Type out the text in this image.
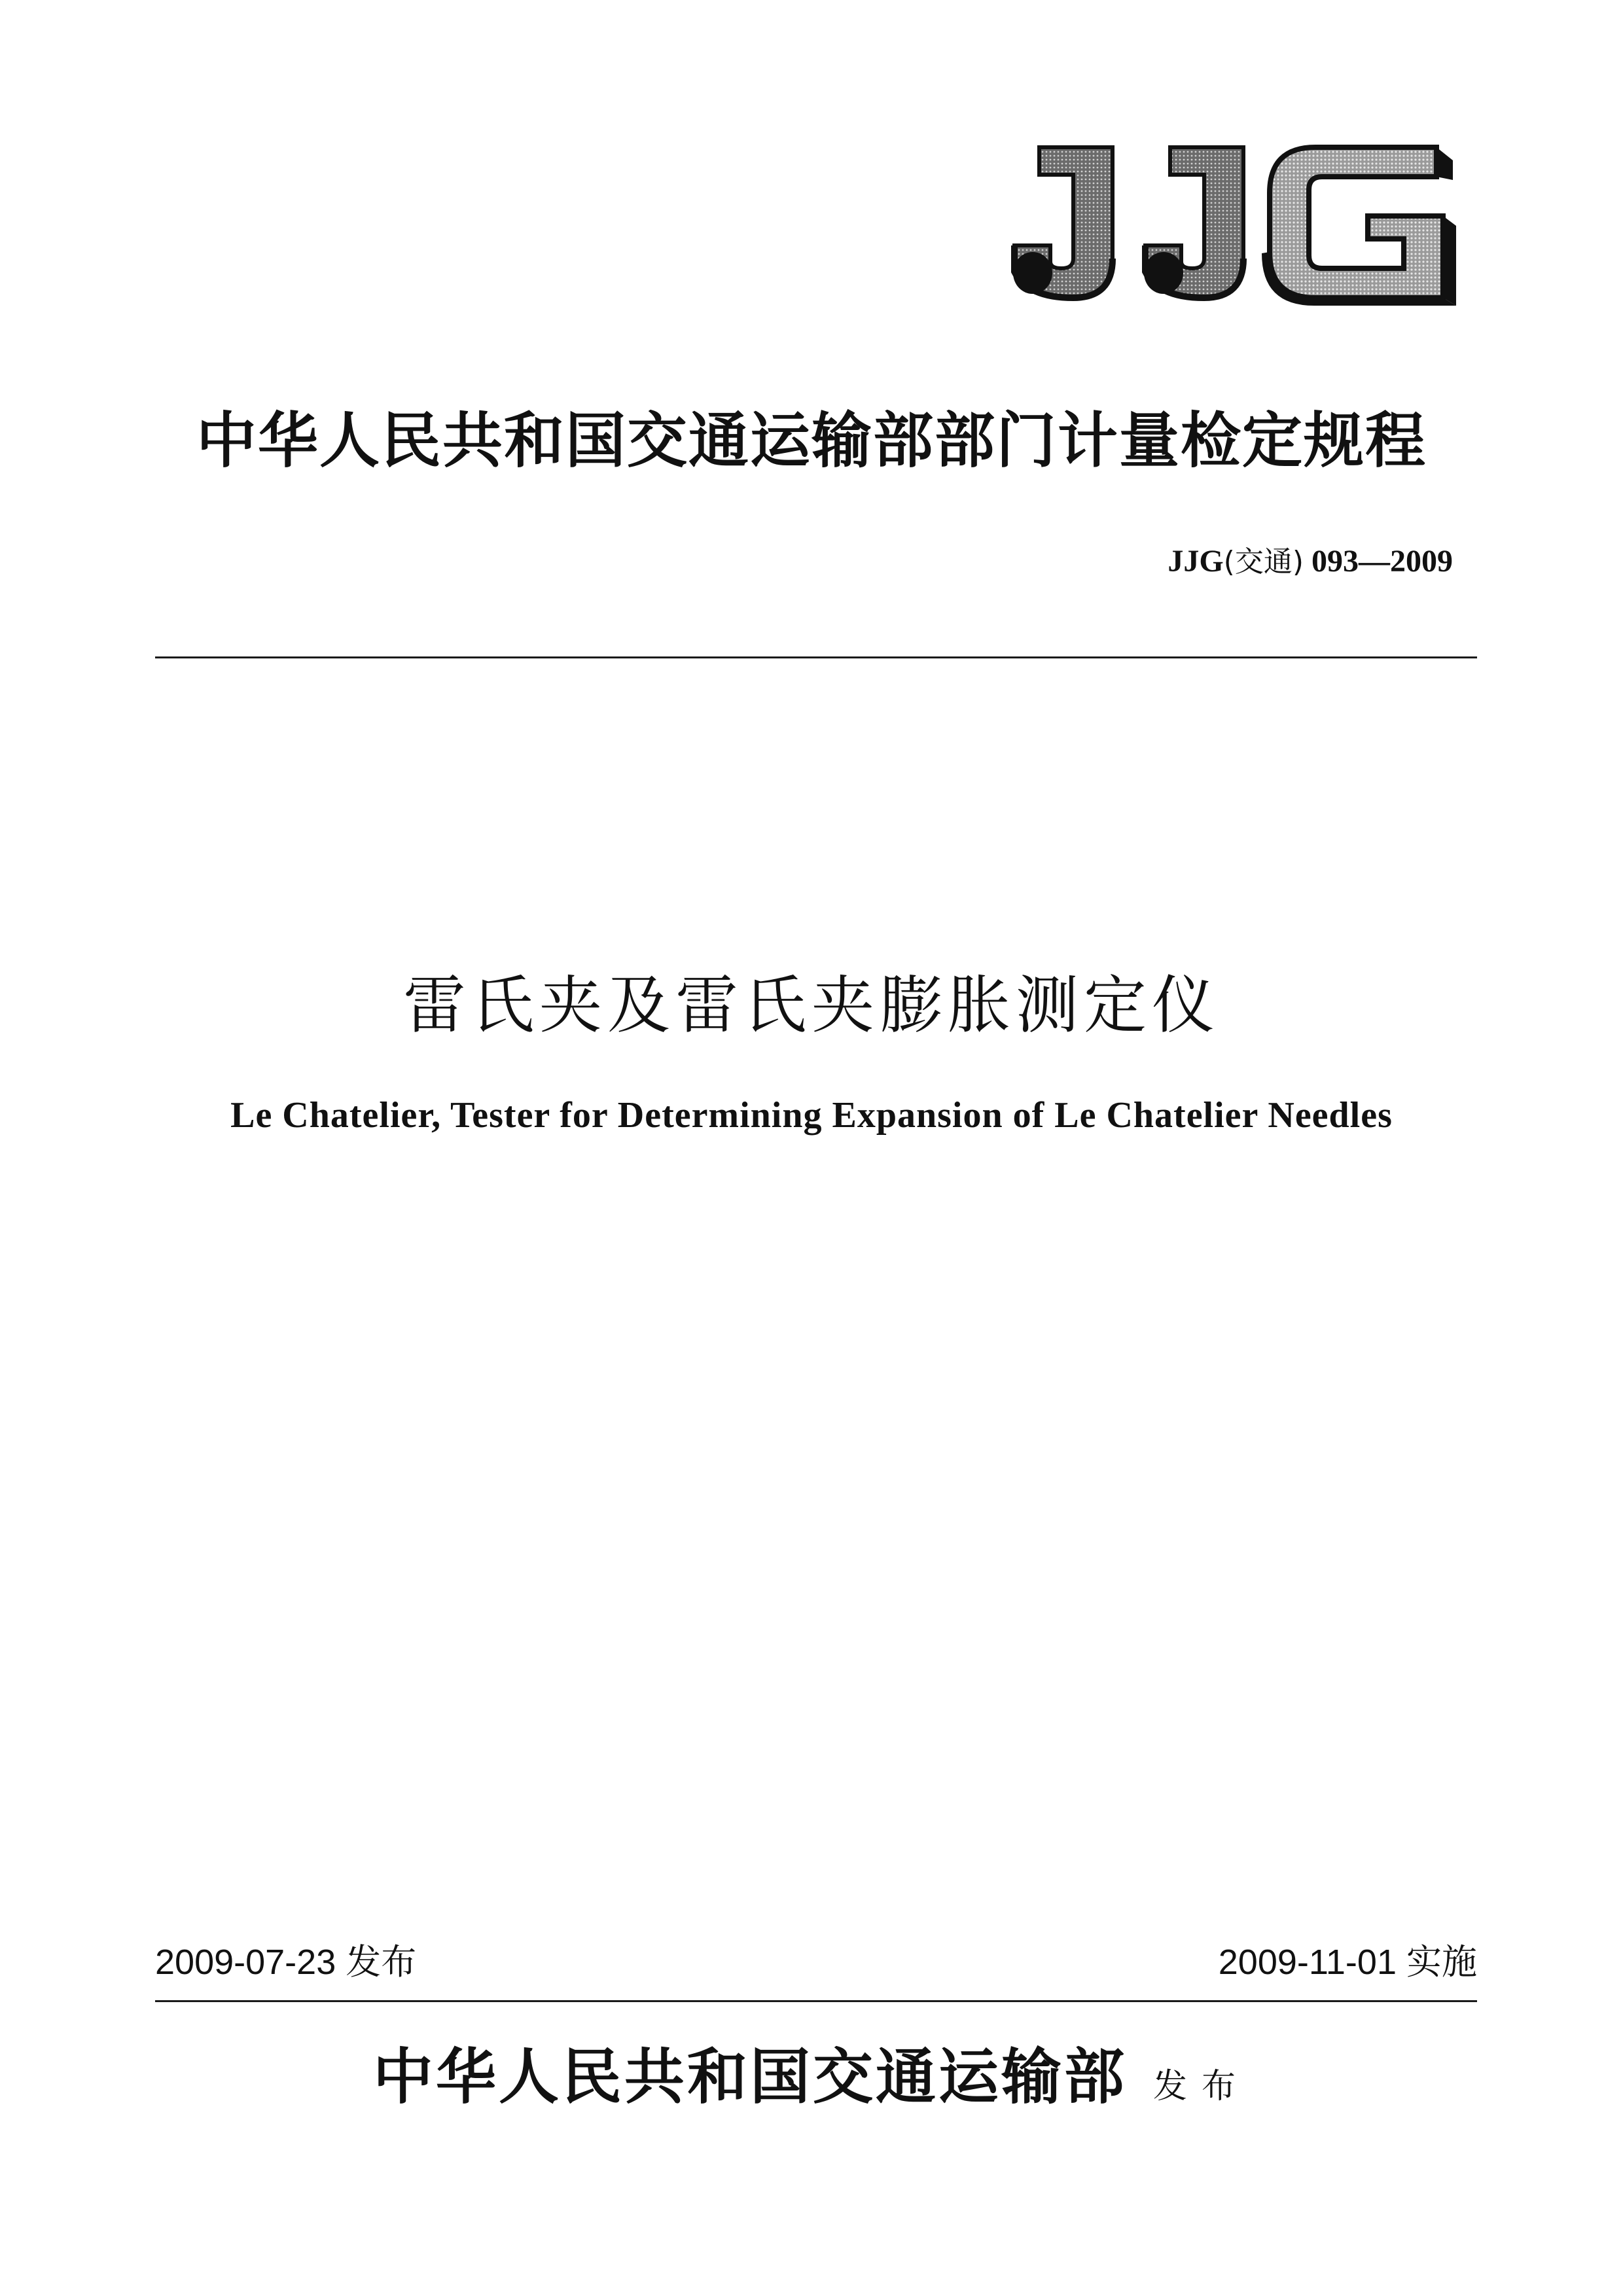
中华人民共和国交通运输部部门计量检定规程
JJG(交通) 093—2009
雷氏夹及雷氏夹膨胀测定仪
Le Chatelier, Tester for Determining Expansion of Le Chatelier Needles
2009-07-23 发布	2009-11-01 实施
中华人民共和国交通运输部 发布
